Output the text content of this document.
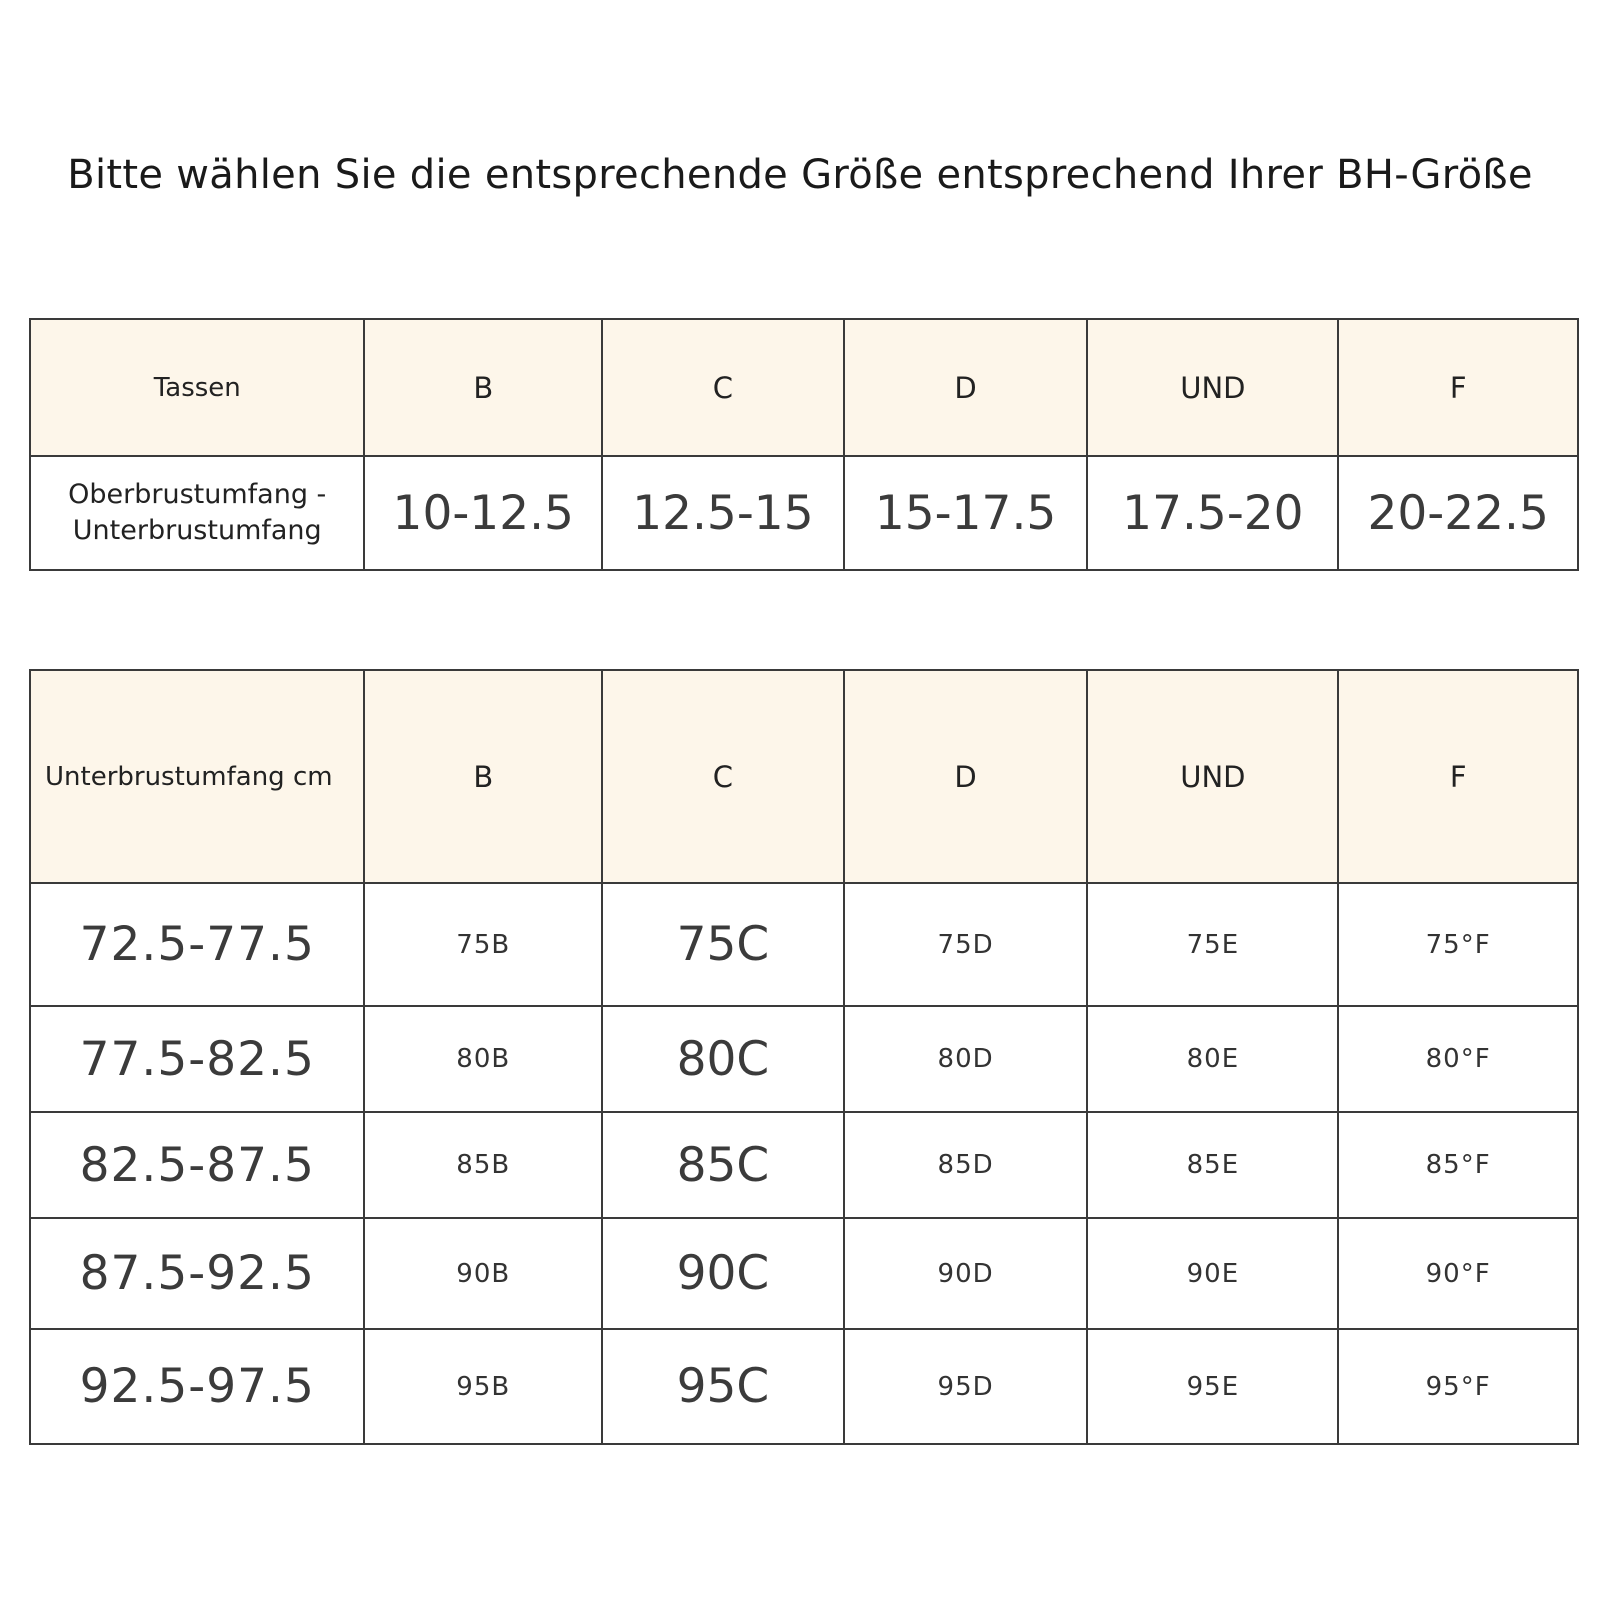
Bitte wählen Sie die entsprechende Größe entsprechend Ihrer BH-Größe
Tassen	B	C	D	UND	F

Oberbrustumfang - Unterbrustumfang	10-12.5	12.5-15	15-17.5	17.5-20	20-22.5
Unterbrustumfang cm	B	C	D	UND	F
72.5-77.5	75B	75C	75D	75E	75°F
77.5-82.5	80B	80C	80D	80E	80°F
82.5-87.5	85B	85C	85D	85E	85°F
87.5-92.5	90B	90C	90D	90E	90°F
92.5-97.5	95B	95C	95D	95E	95°F
